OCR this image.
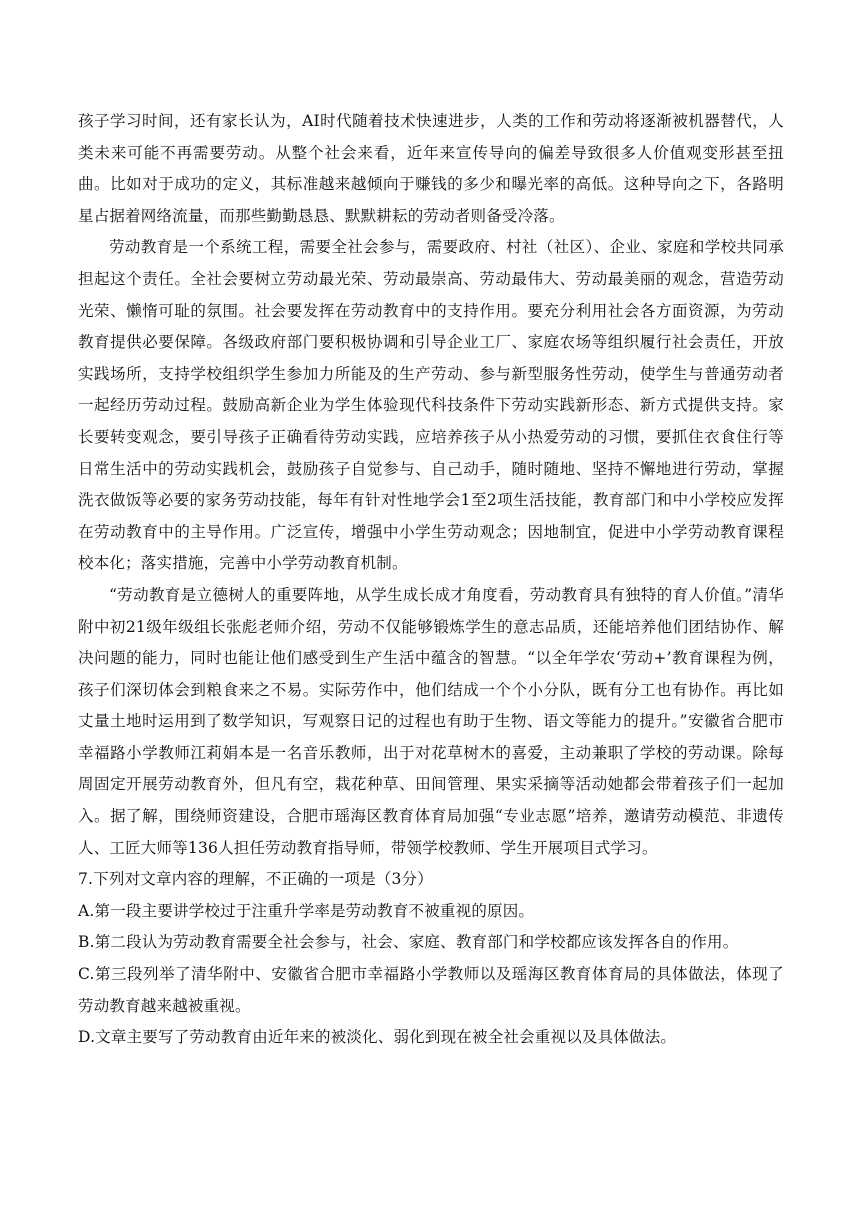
孩子学习时间，还有家长认为，AI时代随着技术快速进步，人类的工作和劳动将逐渐被机器替代，人类未来可能不再需要劳动。从整个社会来看，近年来宣传导向的偏差导致很多人价值观变形甚至扭曲。比如对于成功的定义，其标准越来越倾向于赚钱的多少和曝光率的高低。这种导向之下，各路明星占据着网络流量，而那些勤勤恳恳、默默耕耘的劳动者则备受冷落。

劳动教育是一个系统工程，需要全社会参与，需要政府、村社（社区）、企业、家庭和学校共同承担起这个责任。全社会要树立劳动最光荣、劳动最崇高、劳动最伟大、劳动最美丽的观念，营造劳动光荣、懒惰可耻的氛围。社会要发挥在劳动教育中的支持作用。要充分利用社会各方面资源，为劳动教育提供必要保障。各级政府部门要积极协调和引导企业工厂、家庭农场等组织履行社会责任，开放实践场所，支持学校组织学生参加力所能及的生产劳动、参与新型服务性劳动，使学生与普通劳动者一起经历劳动过程。鼓励高新企业为学生体验现代科技条件下劳动实践新形态、新方式提供支持。家长要转变观念，要引导孩子正确看待劳动实践，应培养孩子从小热爱劳动的习惯，要抓住衣食住行等日常生活中的劳动实践机会，鼓励孩子自觉参与、自己动手，随时随地、坚持不懈地进行劳动，掌握洗衣做饭等必要的家务劳动技能，每年有针对性地学会1至2项生活技能，教育部门和中小学校应发挥在劳动教育中的主导作用。广泛宣传，增强中小学生劳动观念；因地制宜，促进中小学劳动教育课程校本化；落实措施，完善中小学劳动教育机制。

“劳动教育是立德树人的重要阵地，从学生成长成才角度看，劳动教育具有独特的育人价值。”清华附中初21级年级组长张彪老师介绍，劳动不仅能够锻炼学生的意志品质，还能培养他们团结协作、解决问题的能力，同时也能让他们感受到生产生活中蕴含的智慧。“以全年学农‘劳动+’教育课程为例，孩子们深切体会到粮食来之不易。实际劳作中，他们结成一个个小分队，既有分工也有协作。再比如丈量土地时运用到了数学知识，写观察日记的过程也有助于生物、语文等能力的提升。”安徽省合肥市幸福路小学教师江莉娟本是一名音乐教师，出于对花草树木的喜爱，主动兼职了学校的劳动课。除每周固定开展劳动教育外，但凡有空，栽花种草、田间管理、果实采摘等活动她都会带着孩子们一起加入。据了解，围绕师资建设，合肥市瑶海区教育体育局加强“专业志愿”培养，邀请劳动模范、非遗传人、工匠大师等136人担任劳动教育指导师，带领学校教师、学生开展项目式学习。

7.下列对文章内容的理解，不正确的一项是（3分）

A.第一段主要讲学校过于注重升学率是劳动教育不被重视的原因。
B.第二段认为劳动教育需要全社会参与，社会、家庭、教育部门和学校都应该发挥各自的作用。
C.第三段列举了清华附中、安徽省合肥市幸福路小学教师以及瑶海区教育体育局的具体做法，体现了劳动教育越来越被重视。
D.文章主要写了劳动教育由近年来的被淡化、弱化到现在被全社会重视以及具体做法。
